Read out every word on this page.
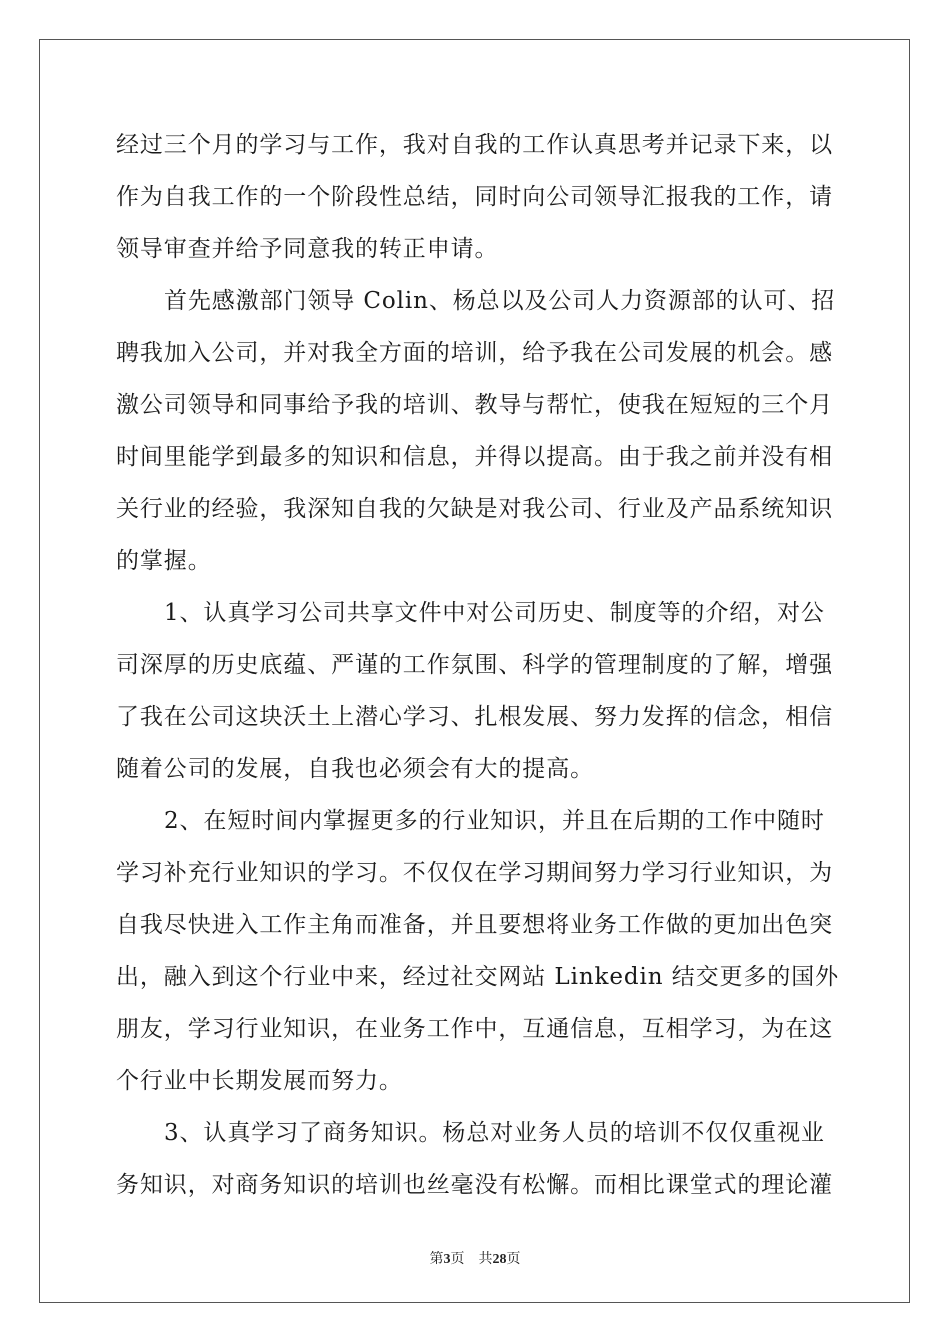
经过三个月的学习与工作，我对自我的工作认真思考并记录下来，以
作为自我工作的一个阶段性总结，同时向公司领导汇报我的工作，请
领导审查并给予同意我的转正申请。
首先感激部门领导 Colin、杨总以及公司人力资源部的认可、招
聘我加入公司，并对我全方面的培训，给予我在公司发展的机会。感
激公司领导和同事给予我的培训、教导与帮忙，使我在短短的三个月
时间里能学到最多的知识和信息，并得以提高。由于我之前并没有相
关行业的经验，我深知自我的欠缺是对我公司、行业及产品系统知识
的掌握。
1、认真学习公司共享文件中对公司历史、制度等的介绍，对公
司深厚的历史底蕴、严谨的工作氛围、科学的管理制度的了解，增强
了我在公司这块沃土上潜心学习、扎根发展、努力发挥的信念，相信
随着公司的发展，自我也必须会有大的提高。
2、在短时间内掌握更多的行业知识，并且在后期的工作中随时
学习补充行业知识的学习。不仅仅在学习期间努力学习行业知识，为
自我尽快进入工作主角而准备，并且要想将业务工作做的更加出色突
出，融入到这个行业中来，经过社交网站 Linkedin 结交更多的国外
朋友，学习行业知识，在业务工作中，互通信息，互相学习，为在这
个行业中长期发展而努力。
3、认真学习了商务知识。杨总对业务人员的培训不仅仅重视业
务知识，对商务知识的培训也丝毫没有松懈。而相比课堂式的理论灌
第3页 共28页
